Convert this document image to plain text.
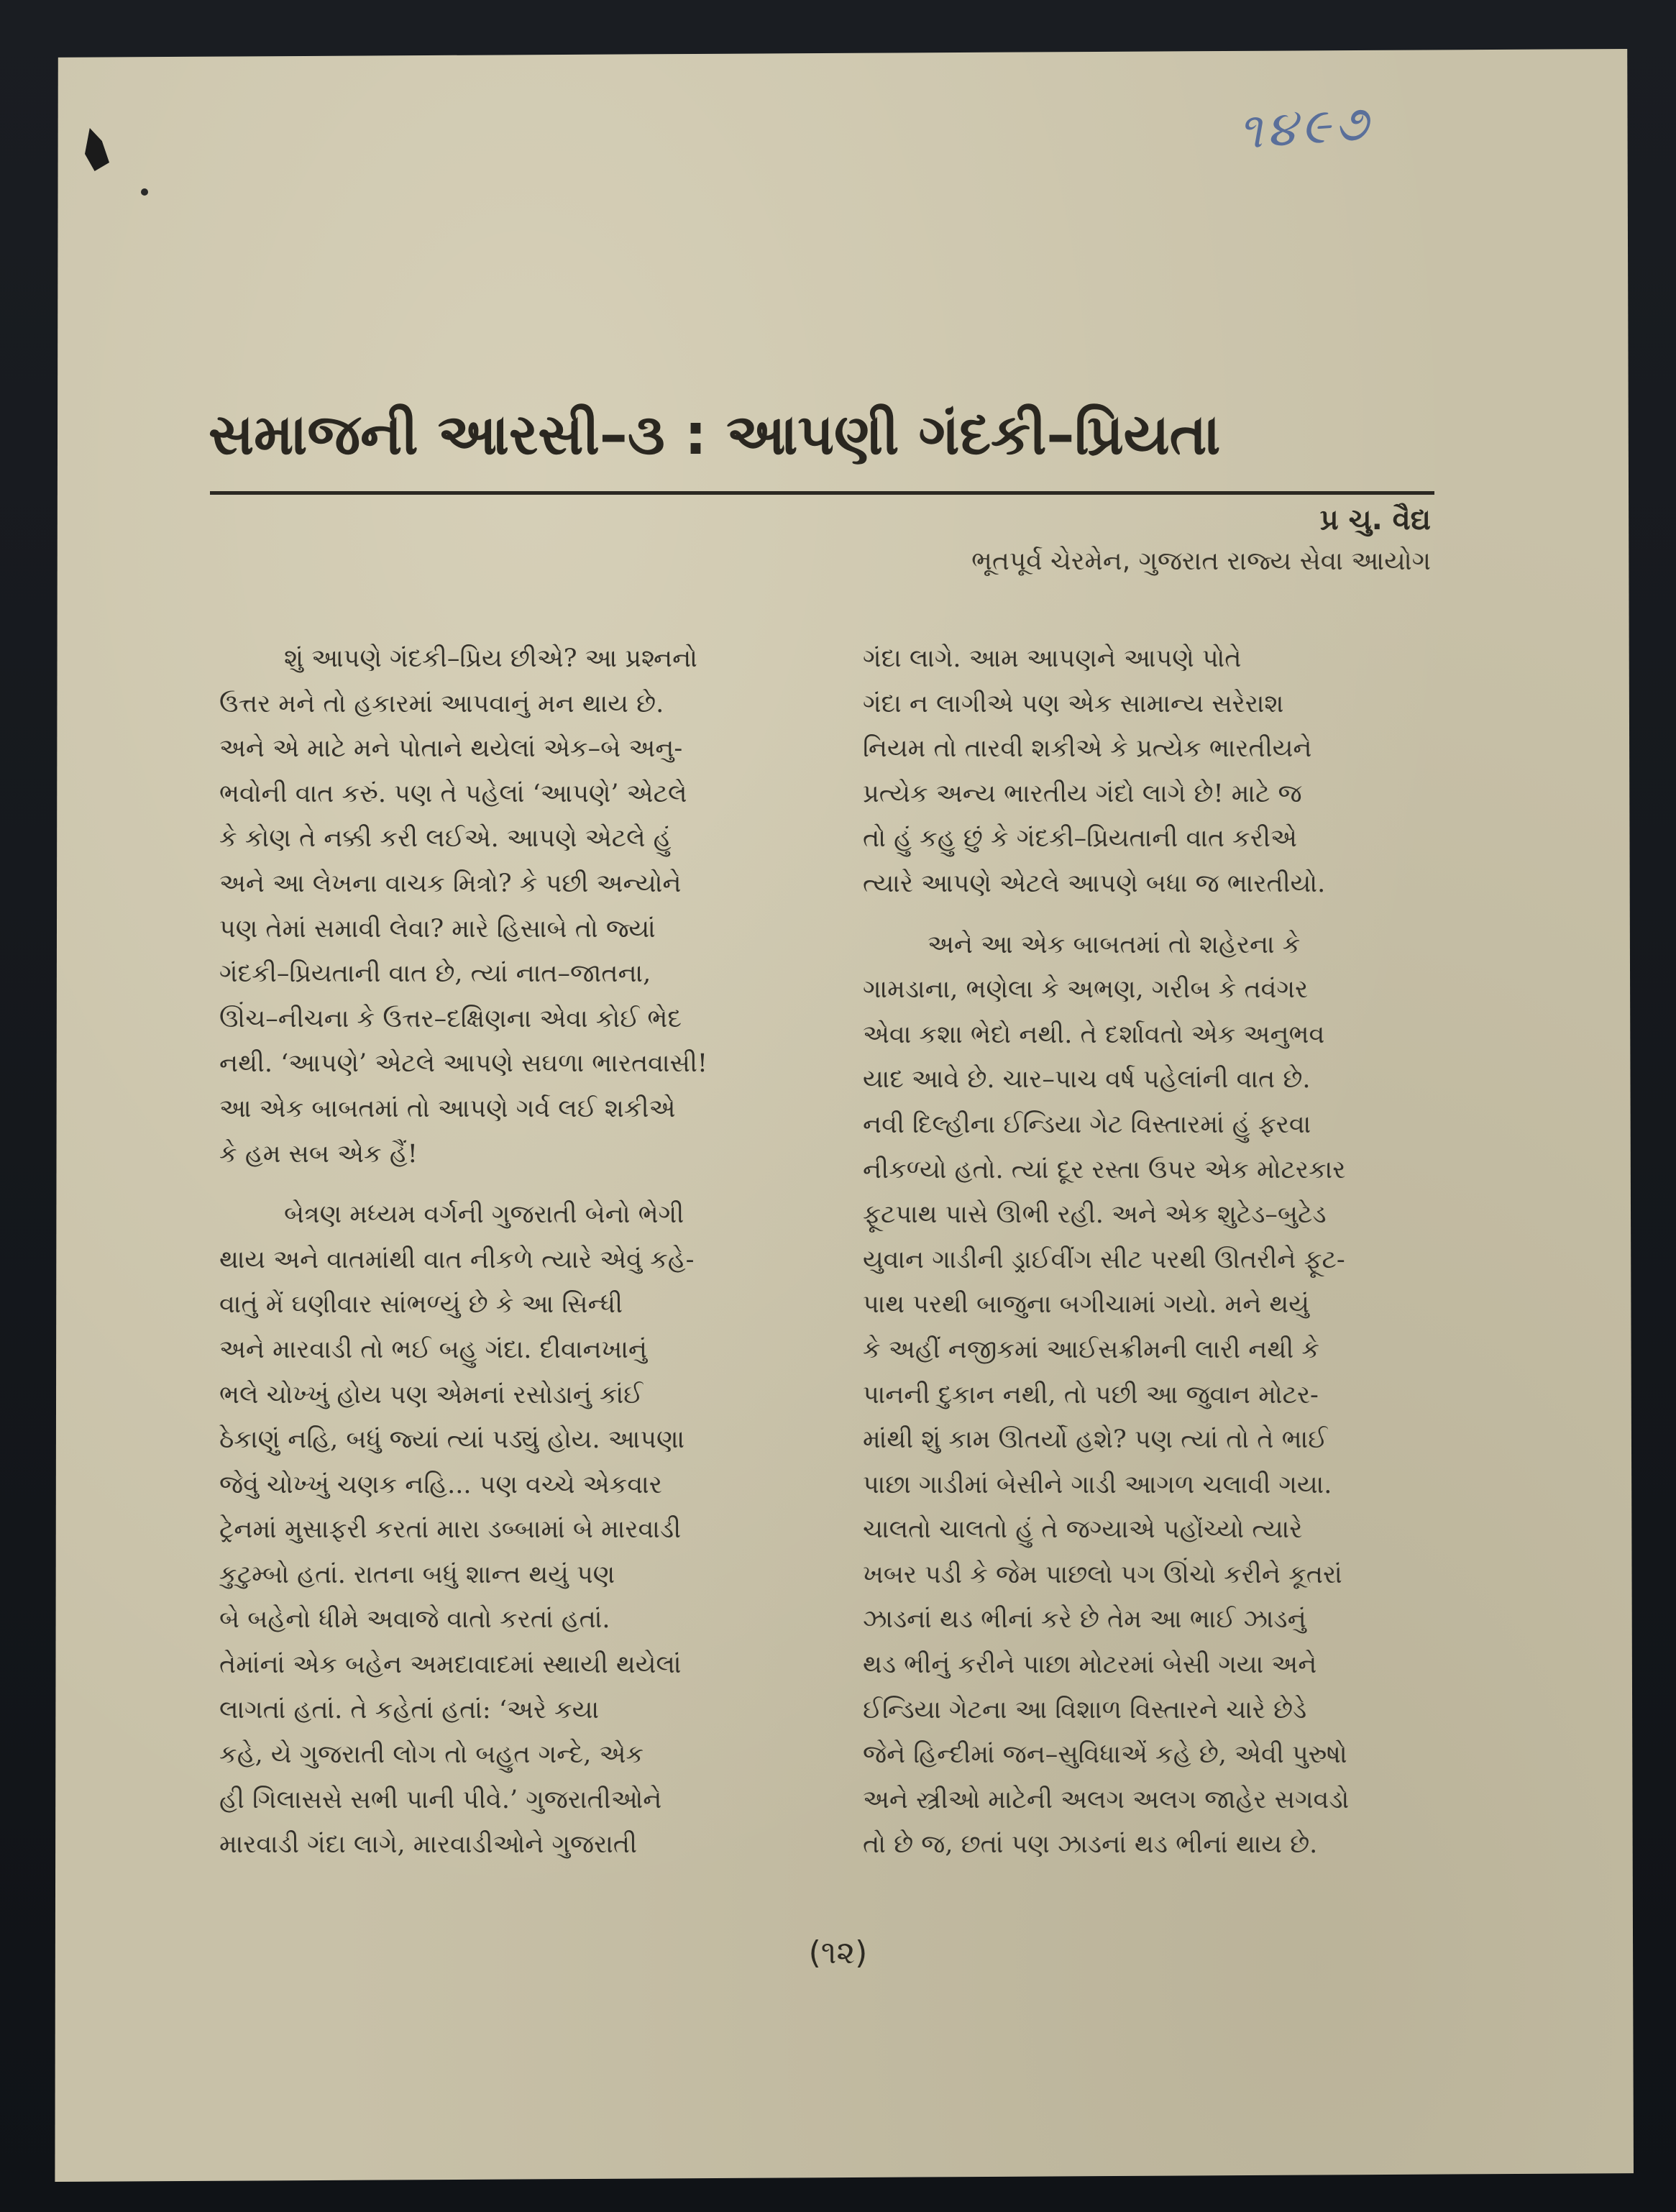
૧૪૯૭
સમાજની આરસી–૩ : આપણી ગંદકી–પ્રિયતા
પ્ર ચુ. વૈદ્ય
ભૂતપૂર્વ ચેરમેન, ગુજરાત રાજ્ય સેવા આયોગ

શું આપણે ગંદકી–પ્રિય છીએ? આ પ્રશ્નનો

ઉત્તર મને તો હકારમાં આપવાનું મન થાય છે.

અને એ માટે મને પોતાને થયેલાં એક–બે અનુ-

ભવોની વાત કરું. પણ તે પહેલાં ‘આપણે’ એટલે

કે કોણ તે નક્કી કરી લઈએ. આપણે એટલે હું

અને આ લેખના વાચક મિત્રો? કે પછી અન્યોને

પણ તેમાં સમાવી લેવા? મારે હિસાબે તો જ્યાં

ગંદકી–પ્રિયતાની વાત છે, ત્યાં નાત–જાતના,

ઊંચ–નીચના કે ઉત્તર–દક્ષિણના એવા કોઈ ભેદ

નથી. ‘આપણે’ એટલે આપણે સઘળા ભારતવાસી!

આ એક બાબતમાં તો આપણે ગર્વ લઈ શકીએ

કે હમ સબ એક હૈં!

બેત્રણ મધ્યમ વર્ગની ગુજરાતી બેનો ભેગી

થાય અને વાતમાંથી વાત નીકળે ત્યારે એવું કહે-

વાતું મેં ઘણીવાર સાંભળ્યું છે કે આ સિન્ધી

અને મારવાડી તો ભઈ બહુ ગંદા. દીવાનખાનું

ભલે ચોખ્ખું હોય પણ એમનાં રસોડાનું કાંઈ

ઠેકાણું નહિ, બધું જ્યાં ત્યાં પડ્યું હોય. આપણા

જેવું ચોખ્ખું ચણક નહિ... પણ વચ્ચે એકવાર

ટ્રેનમાં મુસાફરી કરતાં મારા ડબ્બામાં બે મારવાડી

કુટુમ્બો હતાં. રાતના બધું શાન્ત થયું પણ

બે બહેનો ધીમે અવાજે વાતો કરતાં હતાં.

તેમાંનાં એક બહેન અમદાવાદમાં સ્થાયી થયેલાં

લાગતાં હતાં. તે કહેતાં હતાં: ‘અરે કયા

કહે, યે ગુજરાતી લોગ તો બહુત ગન્દે, એક

હી ગિલાસસે સભી પાની પીવે.’ ગુજરાતીઓને

મારવાડી ગંદા લાગે, મારવાડીઓને ગુજરાતી

ગંદા લાગે. આમ આપણને આપણે પોતે

ગંદા ન લાગીએ પણ એક સામાન્ય સરેરાશ

નિયમ તો તારવી શકીએ કે પ્રત્યેક ભારતીયને

પ્રત્યેક અન્ય ભારતીય ગંદો લાગે છે! માટે જ

તો હું કહુ છું કે ગંદકી–પ્રિયતાની વાત કરીએ

ત્યારે આપણે એટલે આપણે બધા જ ભારતીયો.

અને આ એક બાબતમાં તો શહેરના કે

ગામડાના, ભણેલા કે અભણ, ગરીબ કે તવંગર

એવા કશા ભેદો નથી. તે દર્શાવતો એક અનુભવ

યાદ આવે છે. ચાર–પાચ વર્ષ પહેલાંની વાત છે.

નવી દિલ્હીના ઈન્ડિયા ગેટ વિસ્તારમાં હું ફરવા

નીકળ્યો હતો. ત્યાં દૂર રસ્તા ઉપર એક મોટરકાર

ફૂટપાથ પાસે ઊભી રહી. અને એક શુટેડ–બુટેડ

યુવાન ગાડીની ડ્રાઈવીંગ સીટ પરથી ઊતરીને ફૂટ-

પાથ પરથી બાજુના બગીચામાં ગયો. મને થયું

કે અહીં નજીકમાં આઈસક્રીમની લારી નથી કે

પાનની દુકાન નથી, તો પછી આ જુવાન મોટર-

માંથી શું કામ ઊતર્યો હશે? પણ ત્યાં તો તે ભાઈ

પાછા ગાડીમાં બેસીને ગાડી આગળ ચલાવી ગયા.

ચાલતો ચાલતો હું તે જગ્યાએ પહોંચ્યો ત્યારે

ખબર પડી કે જેમ પાછલો પગ ઊંચો કરીને કૂતરાં

ઝાડનાં થડ ભીનાં કરે છે તેમ આ ભાઈ ઝાડનું

થડ ભીનું કરીને પાછા મોટરમાં બેસી ગયા અને

ઈન્ડિયા ગેટના આ વિશાળ વિસ્તારને ચારે છેડે

જેને હિન્દીમાં જન–સુવિધાએં કહે છે, એવી પુરુષો

અને સ્ત્રીઓ માટેની અલગ અલગ જાહેર સગવડો

તો છે જ, છતાં પણ ઝાડનાં થડ ભીનાં થાય છે.

(૧૨)
